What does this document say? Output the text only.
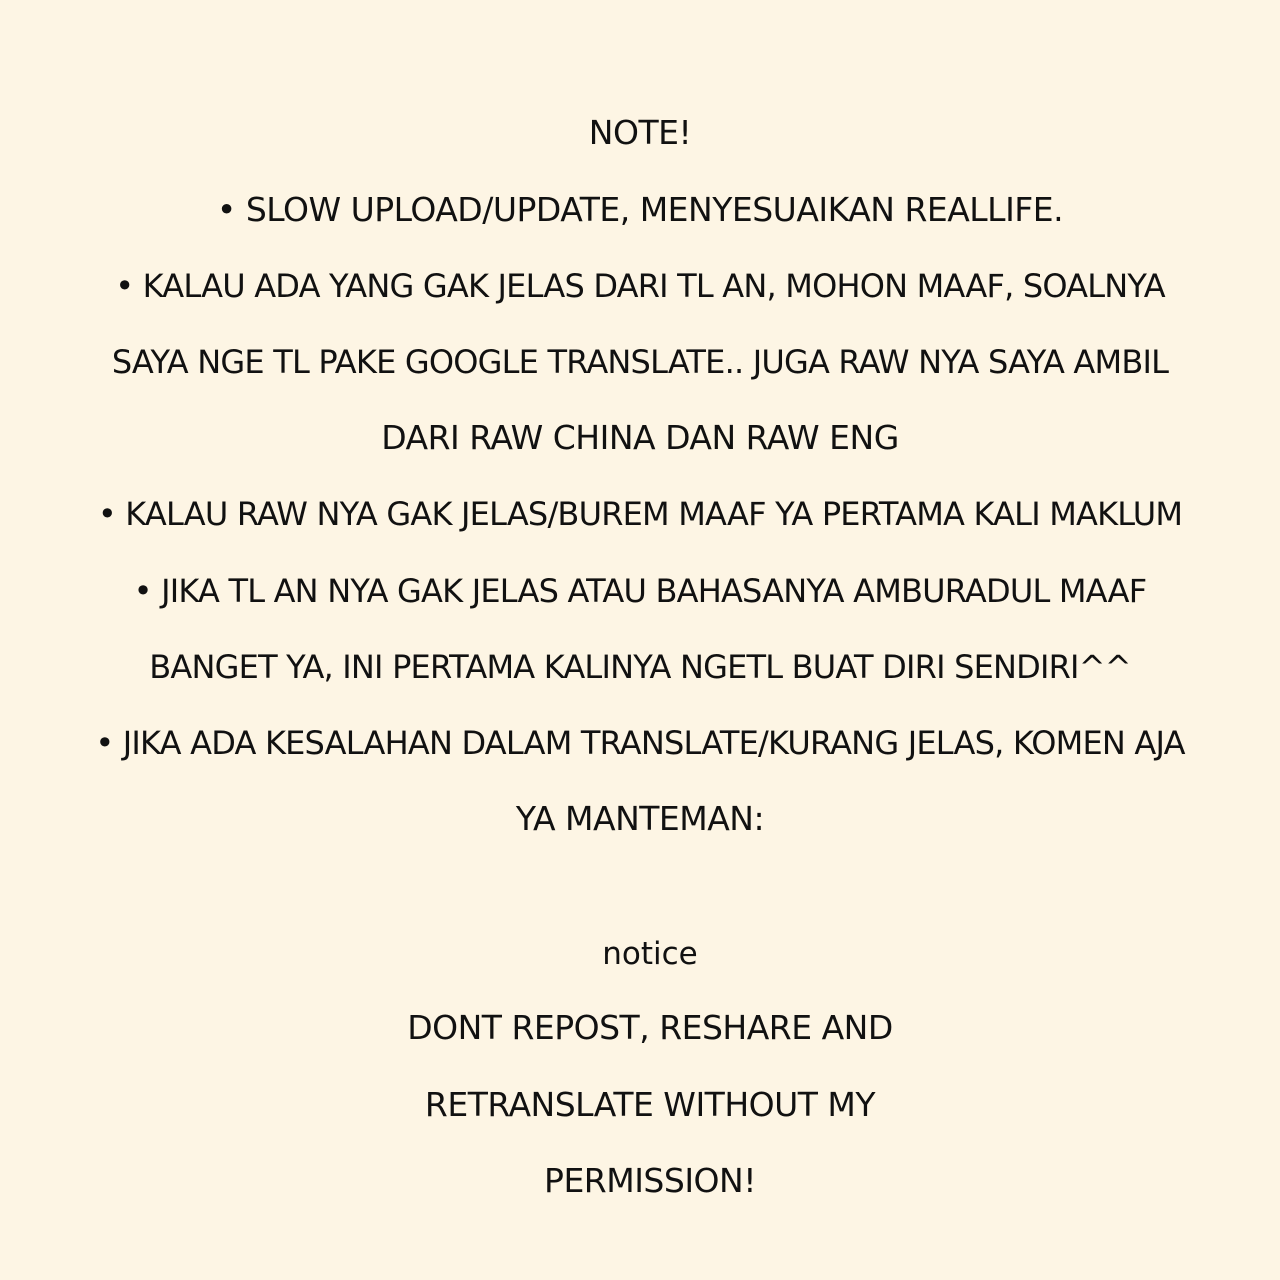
NOTE!
• SLOW UPLOAD/UPDATE, MENYESUAIKAN REALLIFE.
• KALAU ADA YANG GAK JELAS DARI TL AN, MOHON MAAF, SOALNYA
SAYA NGE TL PAKE GOOGLE TRANSLATE.. JUGA RAW NYA SAYA AMBIL
DARI RAW CHINA DAN RAW ENG
• KALAU RAW NYA GAK JELAS/BUREM MAAF YA PERTAMA KALI MAKLUM
• JIKA TL AN NYA GAK JELAS ATAU BAHASANYA AMBURADUL MAAF
BANGET YA, INI PERTAMA KALINYA NGETL BUAT DIRI SENDIRI^^
• JIKA ADA KESALAHAN DALAM TRANSLATE/KURANG JELAS, KOMEN AJA
YA MANTEMAN:
notice
DONT REPOST, RESHARE AND
RETRANSLATE WITHOUT MY
PERMISSION!
